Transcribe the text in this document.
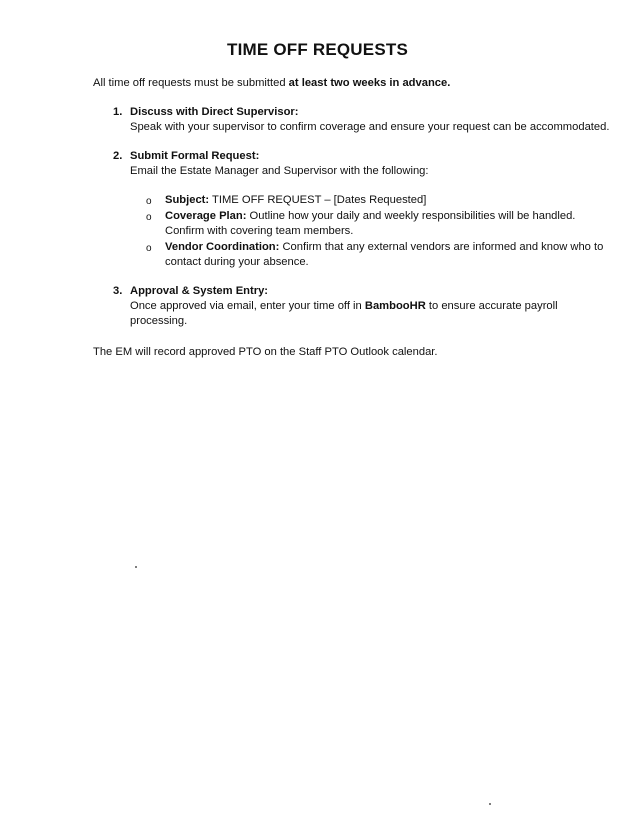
TIME OFF REQUESTS
All time off requests must be submitted at least two weeks in advance.
1. Discuss with Direct Supervisor:
Speak with your supervisor to confirm coverage and ensure your request can be accommodated.
2. Submit Formal Request:
Email the Estate Manager and Supervisor with the following:
o Subject: TIME OFF REQUEST – [Dates Requested]
o Coverage Plan: Outline how your daily and weekly responsibilities will be handled. Confirm with covering team members.
o Vendor Coordination: Confirm that any external vendors are informed and know who to contact during your absence.
3. Approval & System Entry:
Once approved via email, enter your time off in BambooHR to ensure accurate payroll processing.
The EM will record approved PTO on the Staff PTO Outlook calendar.
